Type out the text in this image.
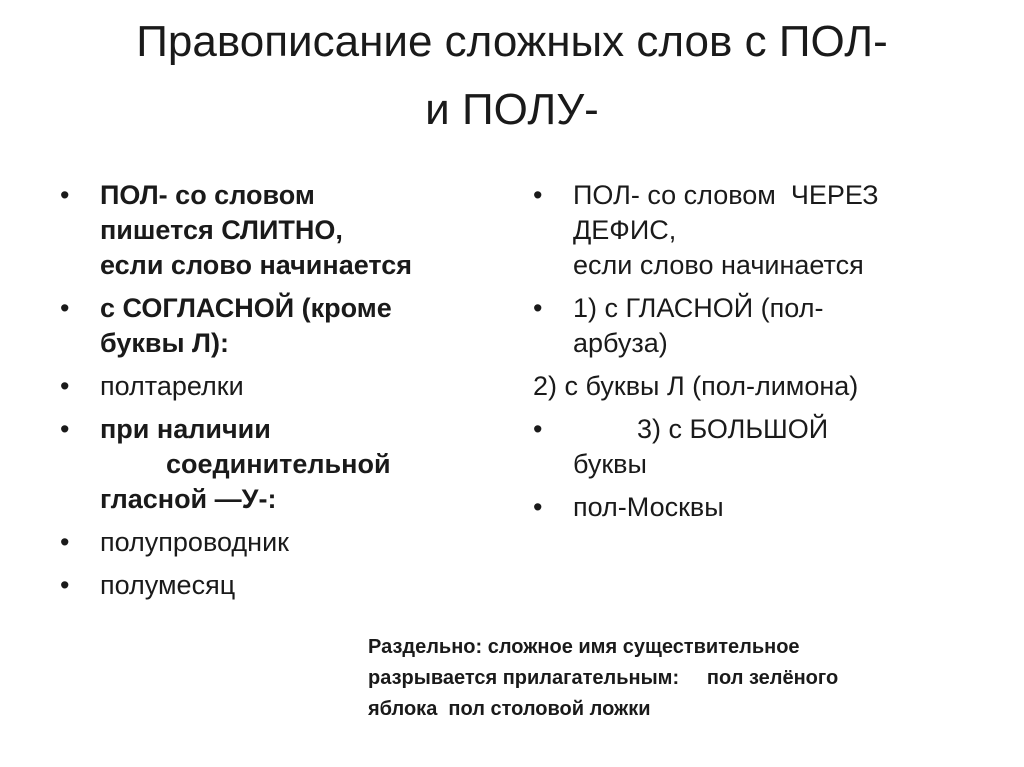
Правописание сложных слов с ПОЛ-
и ПОЛУ-
• ПОЛ- со словом
пишется СЛИТНО,
если слово начинается
• с СОГЛАСНОЙ (кроме
буквы Л):
• полтарелки
• при наличии
соединительной
гласной —У-:
• полупроводник
• полумесяц
• ПОЛ- со словом  ЧЕРЕЗ
ДЕФИС,
если слово начинается
• 1) с ГЛАСНОЙ (пол-
арбуза)
2) с буквы Л (пол-лимона)
•	3) с БОЛЬШОЙ
буквы
• пол-Москвы
Раздельно: сложное имя существительное
разрывается прилагательным:     пол зелёного
яблока  пол столовой ложки
